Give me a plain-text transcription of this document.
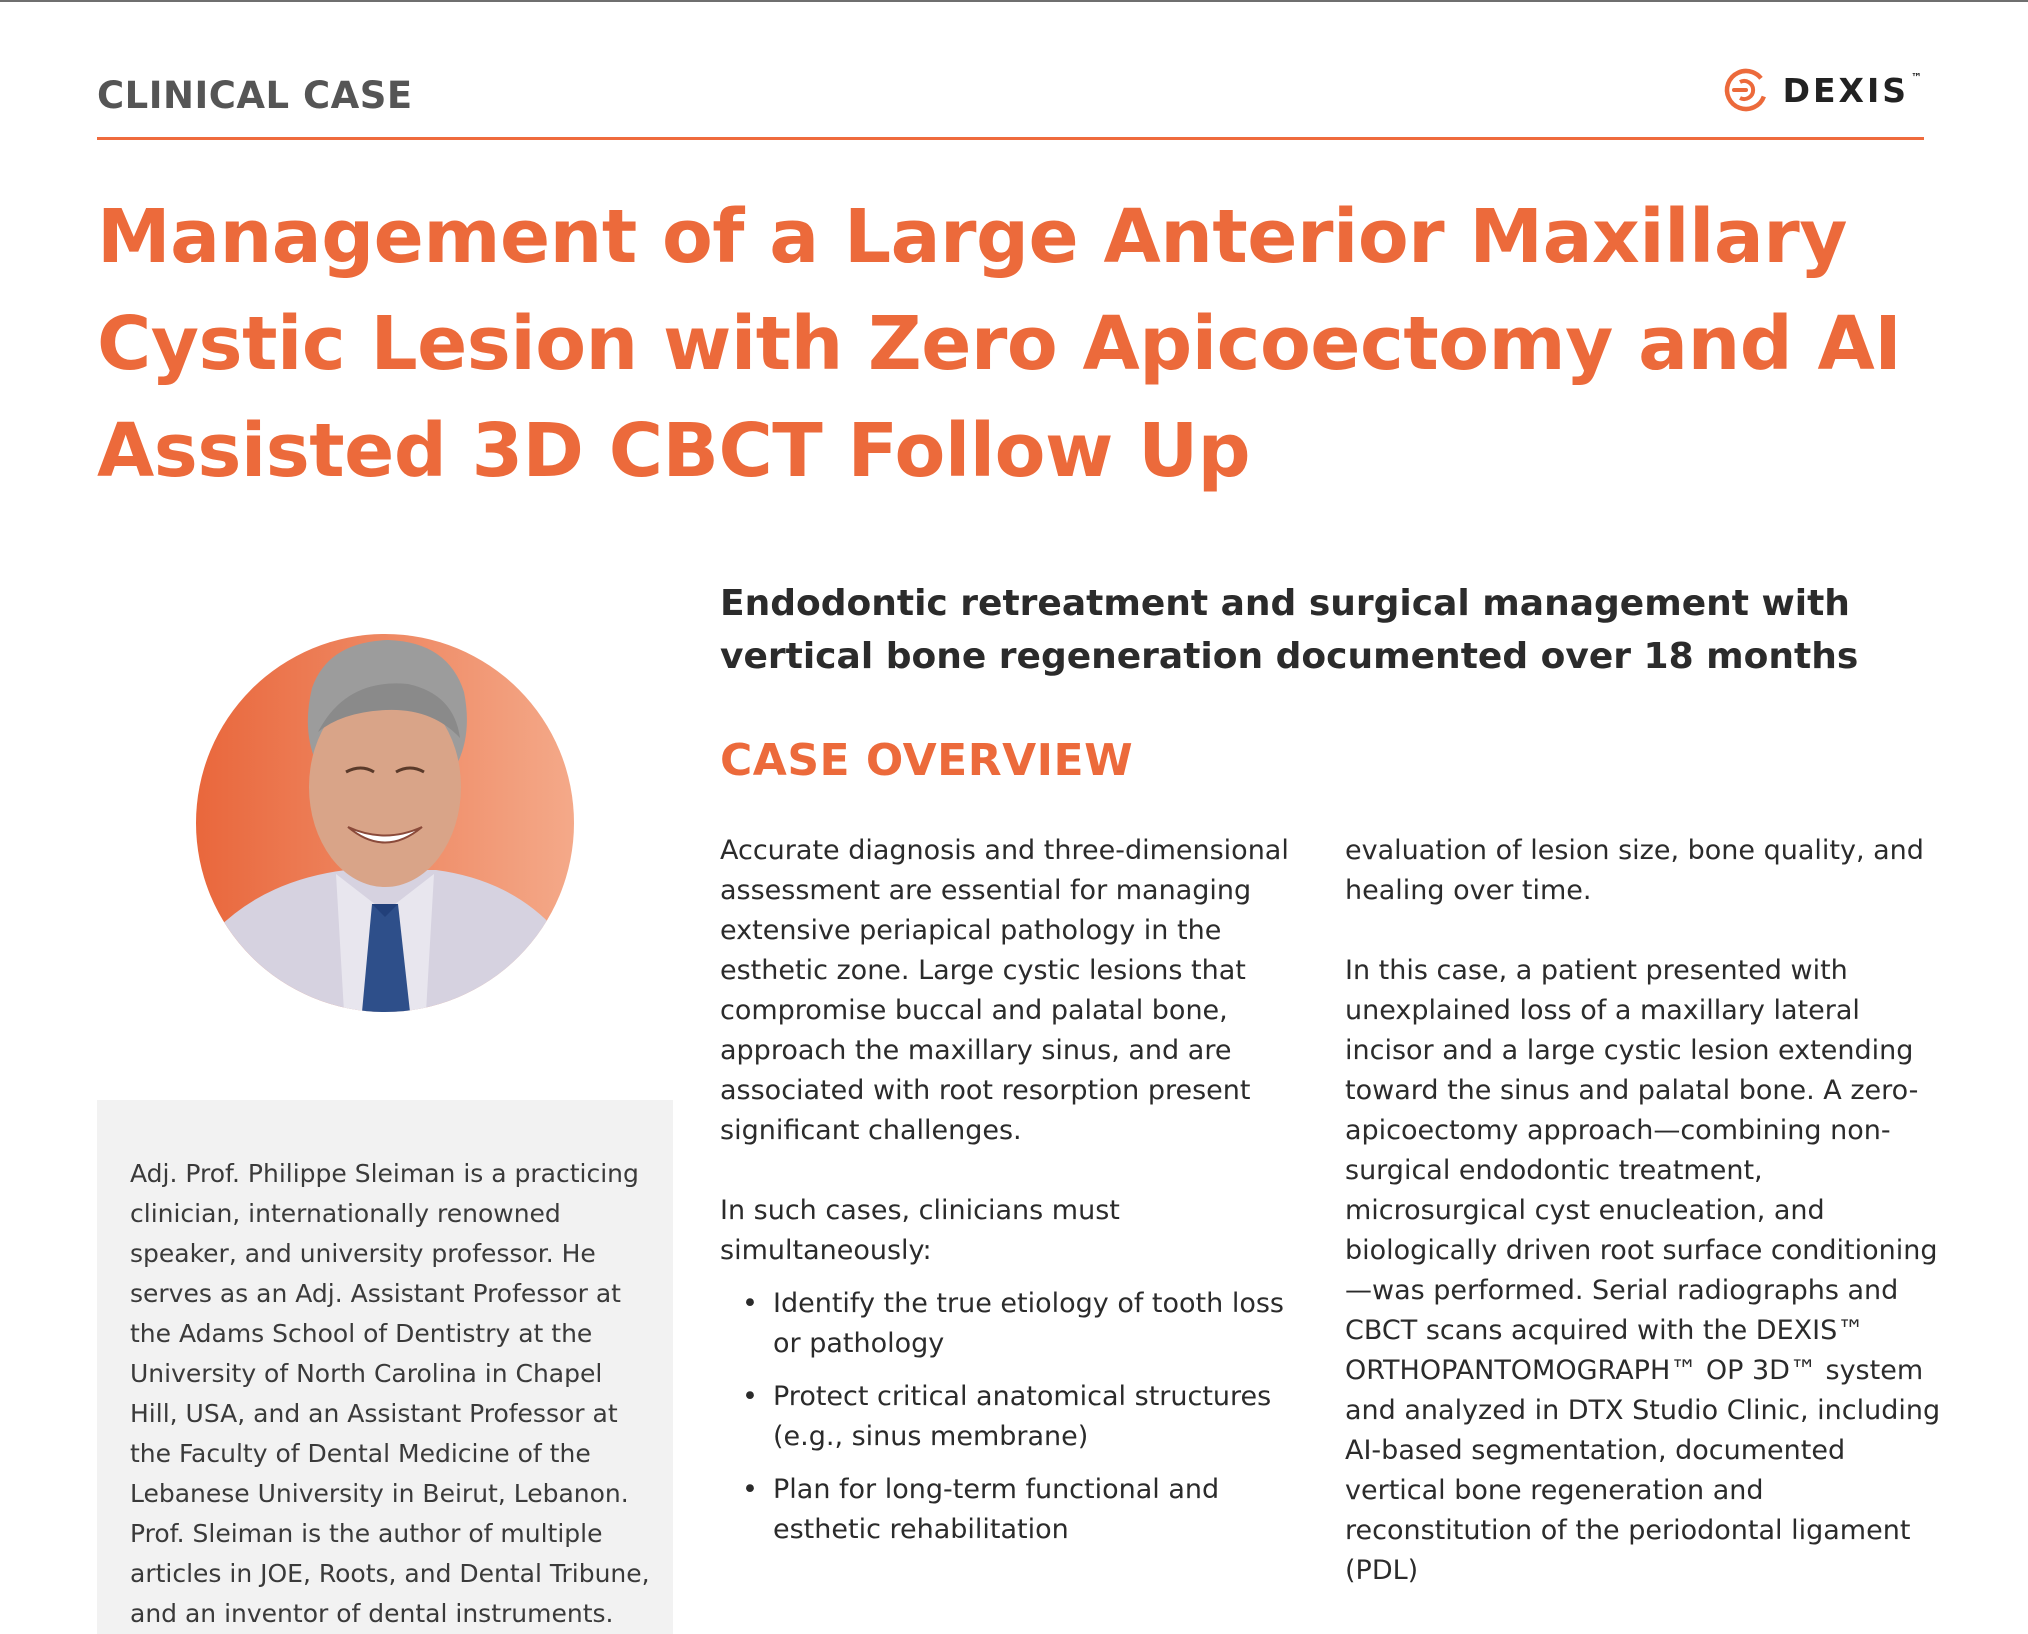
CLINICAL CASE	DEXIS ™
Management of a Large Anterior Maxillary Cystic Lesion with Zero Apicoectomy and AI Assisted 3D CBCT Follow Up

Adj. Prof. Philippe Sleiman is a practicing clinician, internationally renowned speaker, and university professor. He serves as an Adj. Assistant Professor at the Adams School of Dentistry at the University of North Carolina in Chapel Hill, USA, and an Assistant Professor at the Faculty of Dental Medicine of the Lebanese University in Beirut, Lebanon. Prof. Sleiman is the author of multiple articles in JOE, Roots, and Dental Tribune, and an inventor of dental instruments.

Endodontic retreatment and surgical management with vertical bone regeneration documented over 18 months
CASE OVERVIEW

Accurate diagnosis and three-dimensional assessment are essential for managing extensive periapical pathology in the esthetic zone. Large cystic lesions that compromise buccal and palatal bone, approach the maxillary sinus, and are associated with root resorption present significant challenges.

In such cases, clinicians must simultaneously:

• Identify the true etiology of tooth loss or pathology
• Protect critical anatomical structures (e.g., sinus membrane)
• Plan for long-term functional and esthetic rehabilitation

evaluation of lesion size, bone quality, and healing over time.

In this case, a patient presented with unexplained loss of a maxillary lateral incisor and a large cystic lesion extending toward the sinus and palatal bone. A zero-apicoectomy approach—combining non-surgical endodontic treatment, microsurgical cyst enucleation, and biologically driven root surface conditioning—was performed. Serial radiographs and CBCT scans acquired with the DEXIS™ ORTHOPANTOMOGRAPH™ OP 3D™ system and analyzed in DTX Studio Clinic, including AI-based segmentation, documented vertical bone regeneration and reconstitution of the periodontal ligament (PDL)
